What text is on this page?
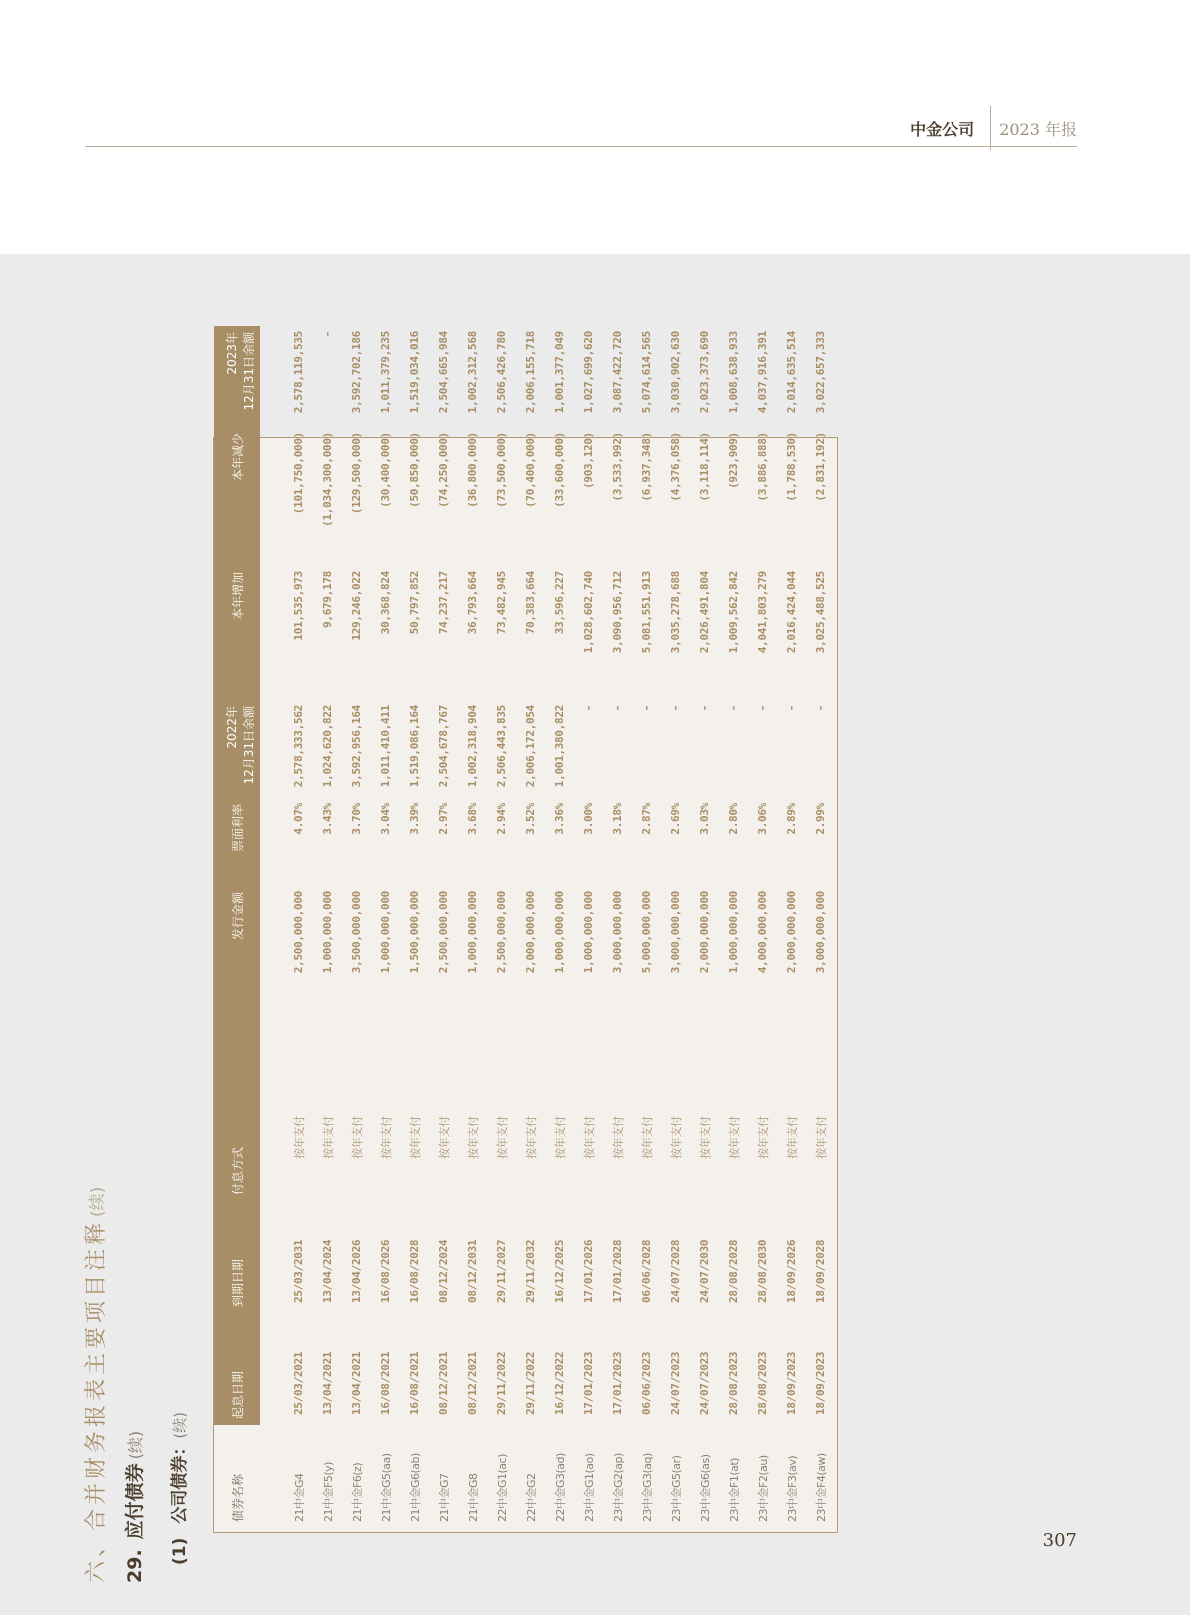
中金公司	2023 年报
六、合并财务报表主要项目注释(续)
29.应付债券(续)
(1)公司债券：(续)
债券名称	起息日期	到期日期	付息方式	发行金额	票面利率	2022年	本年增加	本年减少	2023年
						12月31日余额			12月31日余额

21中金G4	25/03/2021	25/03/2031	按年支付	2,500,000,000	4.07%	2,578,333,562	101,535,973	(101,750,000)	2,578,119,535
21中金F5(y)	13/04/2021	13/04/2024	按年支付	1,000,000,000	3.43%	1,024,620,822	9,679,178	(1,034,300,000)	-
21中金F6(z)	13/04/2021	13/04/2026	按年支付	3,500,000,000	3.70%	3,592,956,164	129,246,022	(129,500,000)	3,592,702,186
21中金G5(aa)	16/08/2021	16/08/2026	按年支付	1,000,000,000	3.04%	1,011,410,411	30,368,824	(30,400,000)	1,011,379,235
21中金G6(ab)	16/08/2021	16/08/2028	按年支付	1,500,000,000	3.39%	1,519,086,164	50,797,852	(50,850,000)	1,519,034,016
21中金G7	08/12/2021	08/12/2024	按年支付	2,500,000,000	2.97%	2,504,678,767	74,237,217	(74,250,000)	2,504,665,984
21中金G8	08/12/2021	08/12/2031	按年支付	1,000,000,000	3.68%	1,002,318,904	36,793,664	(36,800,000)	1,002,312,568
22中金G1(ac)	29/11/2022	29/11/2027	按年支付	2,500,000,000	2.94%	2,506,443,835	73,482,945	(73,500,000)	2,506,426,780
22中金G2	29/11/2022	29/11/2032	按年支付	2,000,000,000	3.52%	2,006,172,054	70,383,664	(70,400,000)	2,006,155,718
22中金G3(ad)	16/12/2022	16/12/2025	按年支付	1,000,000,000	3.36%	1,001,380,822	33,596,227	(33,600,000)	1,001,377,049
23中金G1(ao)	17/01/2023	17/01/2026	按年支付	1,000,000,000	3.00%	-	1,028,602,740	(903,120)	1,027,699,620
23中金G2(ap)	17/01/2023	17/01/2028	按年支付	3,000,000,000	3.18%	-	3,090,956,712	(3,533,992)	3,087,422,720
23中金G3(aq)	06/06/2023	06/06/2028	按年支付	5,000,000,000	2.87%	-	5,081,551,913	(6,937,348)	5,074,614,565
23中金G5(ar)	24/07/2023	24/07/2028	按年支付	3,000,000,000	2.69%	-	3,035,278,688	(4,376,058)	3,030,902,630
23中金G6(as)	24/07/2023	24/07/2030	按年支付	2,000,000,000	3.03%	-	2,026,491,804	(3,118,114)	2,023,373,690
23中金F1(at)	28/08/2023	28/08/2028	按年支付	1,000,000,000	2.80%	-	1,009,562,842	(923,909)	1,008,638,933
23中金F2(au)	28/08/2023	28/08/2030	按年支付	4,000,000,000	3.06%	-	4,041,803,279	(3,886,888)	4,037,916,391
23中金F3(av)	18/09/2023	18/09/2026	按年支付	2,000,000,000	2.89%	-	2,016,424,044	(1,788,530)	2,014,635,514
23中金F4(aw)	18/09/2023	18/09/2028	按年支付	3,000,000,000	2.99%	-	3,025,488,525	(2,831,192)	3,022,657,333
307
